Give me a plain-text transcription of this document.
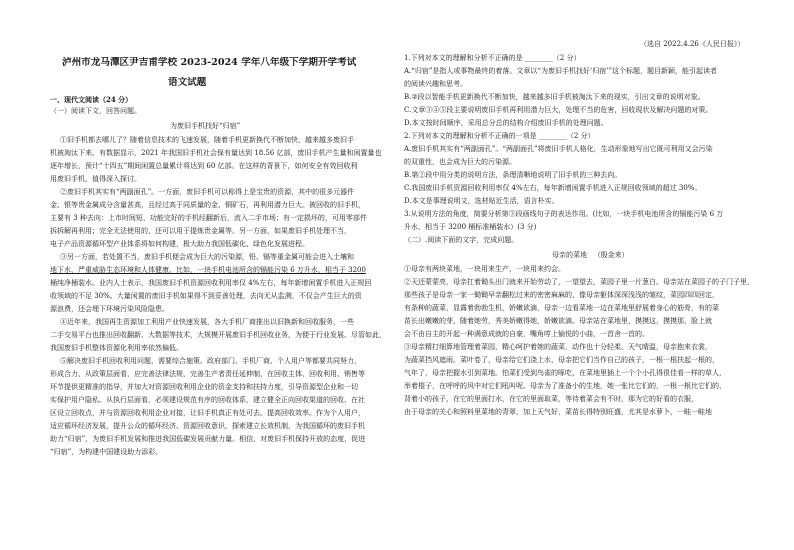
泸州市龙马潭区尹吉甫学校 2023-2024 学年八年级下学期开学考试
语文试题
一、现代文阅读（24 分）
（一）阅读下文，回答问题。
为废旧手机找好“归宿”
①旧手机都去哪儿了？随着信息技术的飞速发展，随着手机更新换代不断加快，越来越多废旧手
机被淘汰下来。有数据显示，2021 年我国旧手机社会保有量达到 18.56 亿部，废旧手机产生量和闲置量也
逐年增长，预计“十四五”期间闲置总量累计将达到 60 亿部。在这样的背景下，如何安全有效回收利
用废旧手机，值得深入探讨。
②废旧手机其实有“两副面孔”。一方面，废旧手机可以称得上是宝贵的资源，其中的很多元器件
金、银等贵金属成分含量甚高，且经过高于同质量的金、铜矿石，再利用潜力巨大。被回收的旧手机，
主要有 3 种去向：上市时间短、功能完好的手机经翻新后，流入二手市场；有一定损坏的，可用零部件
拆拆解再利用；完全无法使用的，还可以用于提炼贵金属等。另一方面，如果废旧手机处理不当，
电子产品资源循环型产业体系将如何构建，极大助力我国低碳化、绿色化发展进程。
③另一方面，若处置不当，废旧手机便会成为巨大的污染源，铅、镉等重金属可能会进入土壤和
地下水，严重威胁生态环境和人体健康。比如，一块手机电池所含的镉能污染 6 万升水，相当于 3200
桶纯净桶装水。业内人士表示，我国废旧手机资源回收利用率仅 4%左右，每年新增闲置手机进入正规回
收领域的不足 30%。大量闲置的废旧手机如果得不到妥善处理，去向无从监测，不仅会产生巨大的资
源浪费，还会埋下环境污染风险隐患。
④近年来，我国再生资源加工利用产业快速发展，各大手机厂商推出以旧换新和回收服务，一些
二手交易平台也推出回收翻新、大数据等技术，大规模开展废旧手机回收业务，为便于行业发展。尽管如此，
我国废旧手机整体资源化利用率依然偏低。
⑤解决废旧手机回收利用问题，需要综合施策。政府部门、手机厂商、个人用户等都要共同努力，
形成合力，从政策层面看，应完善法律法规，完善生产者责任延伸制，在回收主体、回收利用、销售等
环节提供更精准的指导，并加大对资源回收利用企业的资金支持和扶持力度，引导资源型企业和一切
实保护用户隐私。从执行层面看，必须建设规范有序的回收体系，建立健全正向回收渠道的回收、在社
区设立回收点，并与资源回收利用企业对接，让旧手机真正有处可去。提高回收效率。作为个人用户，
适应循环经济发展，提升公众的循环经济、资源回收意识，探索建立长效机制，为我国循环的废旧手机
助力“归宿”，为废旧手机发展和推进我国低碳发展贡献力量。相信，对废旧手机保持开放的态度，促进
“归宿”，为构建中国建设助力添彩。
（选自 2022.4.26《人民日报》）
1.下列对本文的理解和分析不正确的是 ________（2 分）
A.“归宿”是指人或事物最终的着落。文章以“为废旧手机找好‘归宿’”这个标题，题目新颖，能引起读者
的阅读兴趣和思考。
B.②段以智能手机更新换代不断加快，越来越多旧手机被淘汰下来的现实，引出文章的说明对象。
C.文章③④⑤段主要说明废旧手机再利用潜力巨大，处理不当的危害，回收现状及解决问题的对策。
D.本文按时间顺序，采用总分总的结构介绍废旧手机的处理问题。
2.下列对本文的理解和分析不正确的一项是 ________（2 分）
A.废旧手机其实有“两副面孔”。“两副面孔”将废旧手机人格化，生动形象地写出它既可利用又会污染
的双重性，也会成为巨大的污染源。
B.第②段中用分类的说明方法，条理清晰地说明了旧手机的三种去向。
C.我国废旧手机资源回收利用率仅 4%左右，每年新增闲置手机进入正规回收领域的超过 30%。
D.本文是事理说明文，选材贴近生活，语言朴实。
3.从说明方法的角度，简要分析第③段画线句子的表达作用。(比如，一块手机电池所含的镉能污染 6 万
升水，相当于 3200 桶标准桶装水）(3 分)
（二）.阅读下面的文字，完成问题。
母亲的菜地 （殷金来）
①母亲有两块菜地，一块用来生产，一块用来约会。
②天还蒙蒙亮，母亲扛着锄头出门就来开始劳动了，一望望去，菜园子里一片葱白。母亲站在菜园子的子门子里，
那些孩子是母亲一家一锄锄早亲翻松过来的密密麻麻的，像母亲躯体深深浅浅的皱纹，菜园四四回定，
有条种的蔬菜，显露着勃勃生机，娇嫩欲滴，母亲一边看菜地一边在菜地里舒展着身心的筋骨，有的菜
苗长出嫩嫩的芽，随着她劳，秀美娇嫩得她，娇嫩欲滴。母亲站在菜地里，摸摸这，摸摸那，脸上就
会不由自主的开起一种满意成就的自豪，嘴角哼上愉悦的小曲，一首舍一首的。
③母亲精打细算地管理着菜园，精心呵护着她的蔬菜，动作也十分轻柔。天气晴温，母亲抱来衣裳，
为蔬菜挡风遮雨。菜叶卷了，母亲给它们浇上水，母亲把它们当作自己的孩子，一根一根扶起一根的，
气年了，母亲把握水引到菜地。怕菜们受到鸟雀的啄吃，在菜地里插上一个个小孔得很佳看一样的草人，
举着棍子，在呼呼的风中对它们吼叫呢。母亲为了准备小的生地，她一张比它们的，一根一根比它们的，
背着小的孩子，在它的里面打水，在它的里面取菜，等待着菜会有不时，那为它的好看的衣服，
由于母亲的关心和照料里菜地的青翠，加上天气好，菜苗长得特别旺盛，尤其是水萝卜，一畦一畦地
